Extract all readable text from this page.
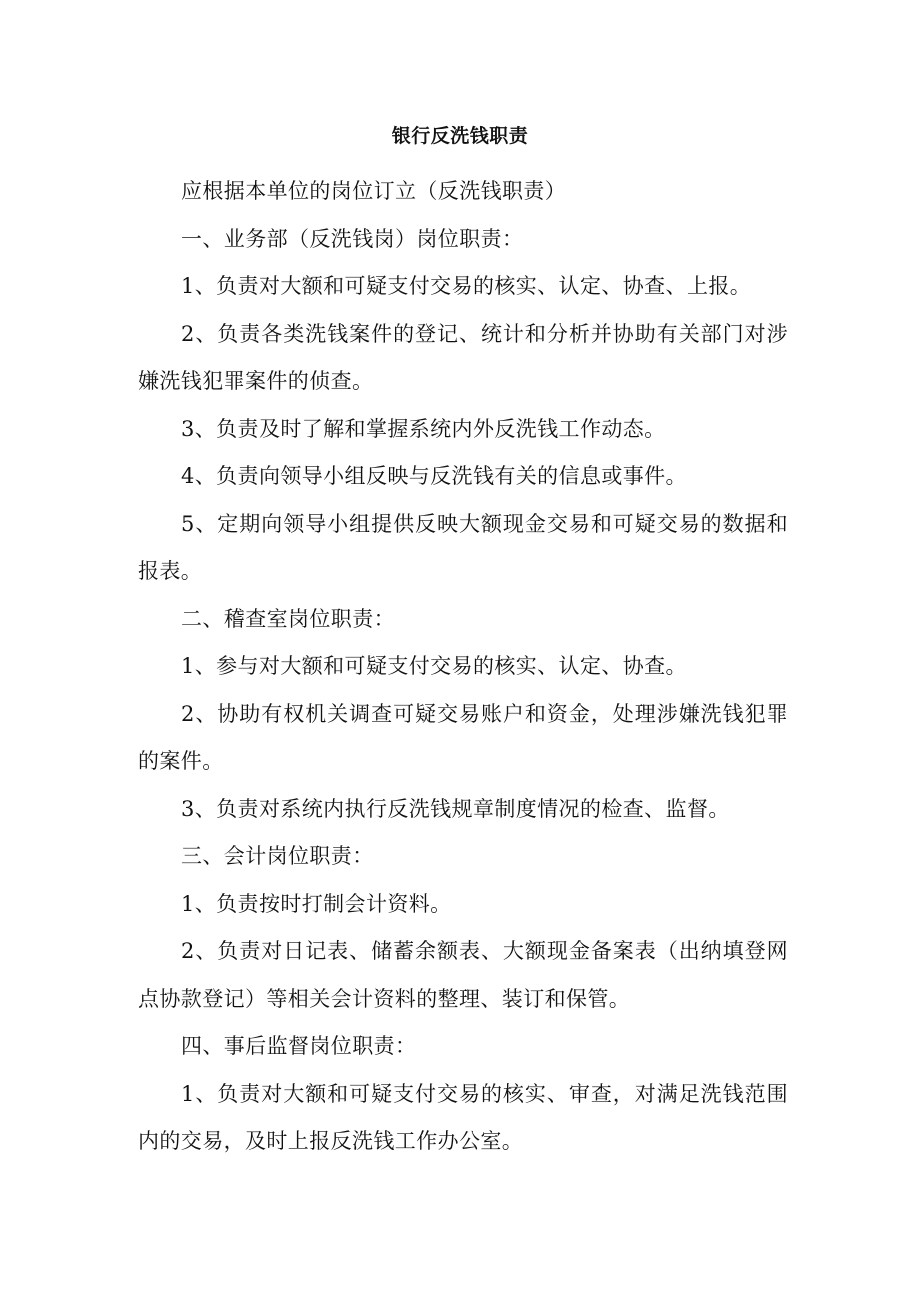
银行反洗钱职责

应根据本单位的岗位订立（反洗钱职责）

一、业务部（反洗钱岗）岗位职责：

1、负责对大额和可疑支付交易的核实、认定、协查、上报。

2、负责各类洗钱案件的登记、统计和分析并协助有关部门对涉嫌洗钱犯罪案件的侦查。

3、负责及时了解和掌握系统内外反洗钱工作动态。

4、负责向领导小组反映与反洗钱有关的信息或事件。

5、定期向领导小组提供反映大额现金交易和可疑交易的数据和报表。

二、稽查室岗位职责：

1、参与对大额和可疑支付交易的核实、认定、协查。

2、协助有权机关调查可疑交易账户和资金，处理涉嫌洗钱犯罪的案件。

3、负责对系统内执行反洗钱规章制度情况的检查、监督。

三、会计岗位职责：

1、负责按时打制会计资料。

2、负责对日记表、储蓄余额表、大额现金备案表（出纳填登网点协款登记）等相关会计资料的整理、装订和保管。

四、事后监督岗位职责：

1、负责对大额和可疑支付交易的核实、审查，对满足洗钱范围内的交易，及时上报反洗钱工作办公室。
